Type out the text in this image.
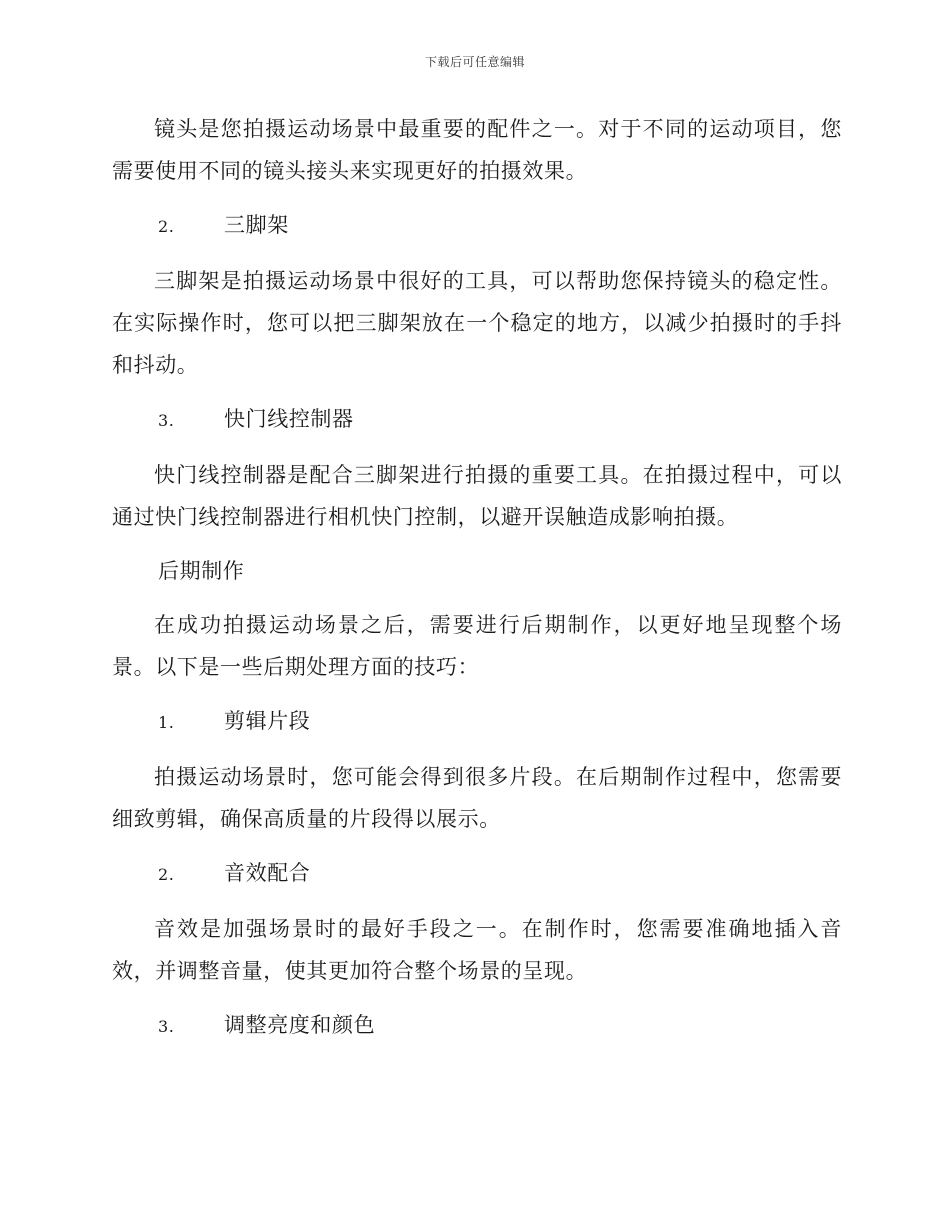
下载后可任意编辑

镜头是您拍摄运动场景中最重要的配件之一。对于不同的运动项目，您需要使用不同的镜头接头来实现更好的拍摄效果。

2.	三脚架

三脚架是拍摄运动场景中很好的工具，可以帮助您保持镜头的稳定性。在实际操作时，您可以把三脚架放在一个稳定的地方，以减少拍摄时的手抖和抖动。

3.	快门线控制器

快门线控制器是配合三脚架进行拍摄的重要工具。在拍摄过程中，可以通过快门线控制器进行相机快门控制，以避开误触造成影响拍摄。

后期制作

在成功拍摄运动场景之后，需要进行后期制作，以更好地呈现整个场景。以下是一些后期处理方面的技巧：

1.	剪辑片段

拍摄运动场景时，您可能会得到很多片段。在后期制作过程中，您需要细致剪辑，确保高质量的片段得以展示。

2.	音效配合

音效是加强场景时的最好手段之一。在制作时，您需要准确地插入音效，并调整音量，使其更加符合整个场景的呈现。

3.	调整亮度和颜色
